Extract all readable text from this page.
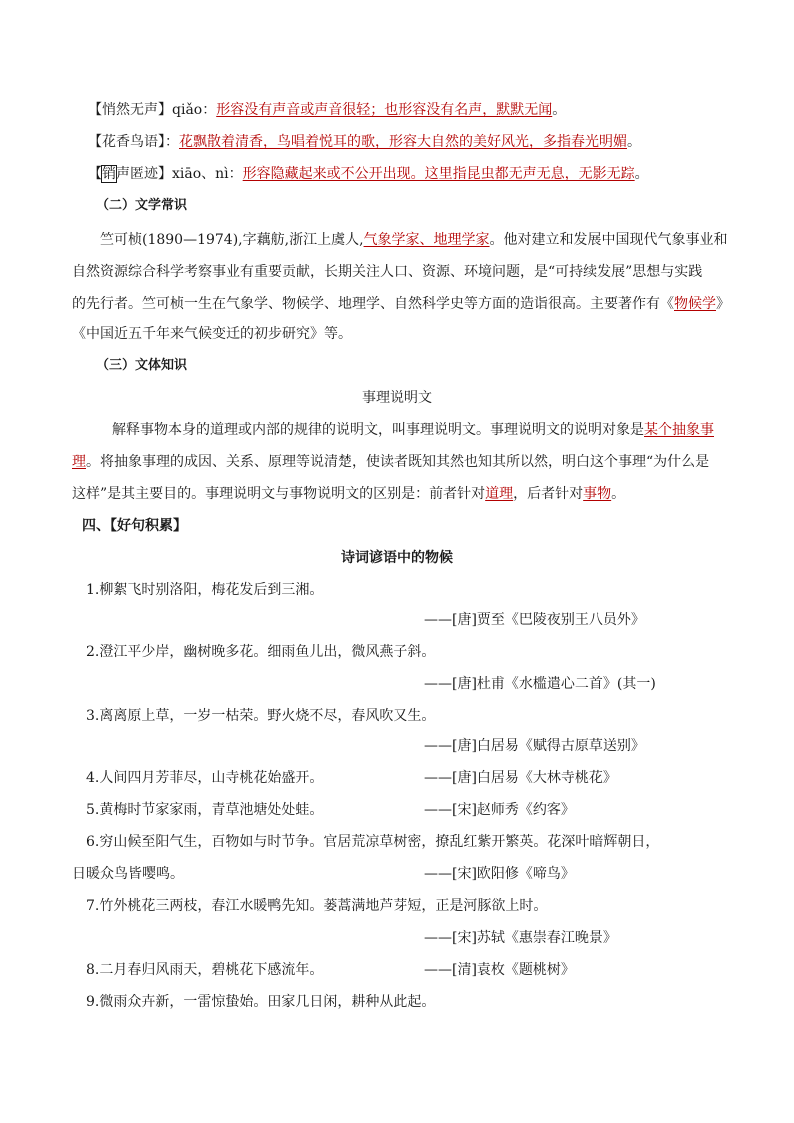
【悄然无声】qiǎo：形容没有声音或声音很轻；也形容没有名声，默默无闻。
【花香鸟语】：花飘散着清香，鸟唱着悦耳的歌，形容大自然的美好风光，多指春光明媚。
【销声匿迹】xiāo、nì：形容隐藏起来或不公开出现。这里指昆虫都无声无息，无影无踪。
（二）文学常识
竺可桢(1890—1974),字藕舫,浙江上虞人,气象学家、地理学家。他对建立和发展中国现代气象事业和
自然资源综合科学考察事业有重要贡献，长期关注人口、资源、环境问题，是“可持续发展”思想与实践
的先行者。竺可桢一生在气象学、物候学、地理学、自然科学史等方面的造诣很高。主要著作有《物候学》
《中国近五千年来气候变迁的初步研究》等。
（三）文体知识
事理说明文
解释事物本身的道理或内部的规律的说明文，叫事理说明文。事理说明文的说明对象是某个抽象事
理。将抽象事理的成因、关系、原理等说清楚，使读者既知其然也知其所以然，明白这个事理“为什么是
这样”是其主要目的。事理说明文与事物说明文的区别是：前者针对道理，后者针对事物。
四、【好句积累】
诗词谚语中的物候
1.柳絮飞时别洛阳，梅花发后到三湘。
——[唐]贾至《巴陵夜别王八员外》
2.澄江平少岸，幽树晚多花。细雨鱼儿出，微风燕子斜。
——[唐]杜甫《水槛遣心二首》(其一)
3.离离原上草，一岁一枯荣。野火烧不尽，春风吹又生。
——[唐]白居易《赋得古原草送别》
4.人间四月芳菲尽，山寺桃花始盛开。	——[唐]白居易《大林寺桃花》
5.黄梅时节家家雨，青草池塘处处蛙。	——[宋]赵师秀《约客》
6.穷山候至阳气生，百物如与时节争。官居荒凉草树密，撩乱红紫开繁英。花深叶暗辉朝日，
日暖众鸟皆嘤鸣。	——[宋]欧阳修《啼鸟》
7.竹外桃花三两枝，春江水暖鸭先知。蒌蒿满地芦芽短，正是河豚欲上时。
——[宋]苏轼《惠崇春江晚景》
8.二月春归风雨天，碧桃花下感流年。	——[清]袁枚《题桃树》
9.微雨众卉新，一雷惊蛰始。田家几日闲，耕种从此起。
